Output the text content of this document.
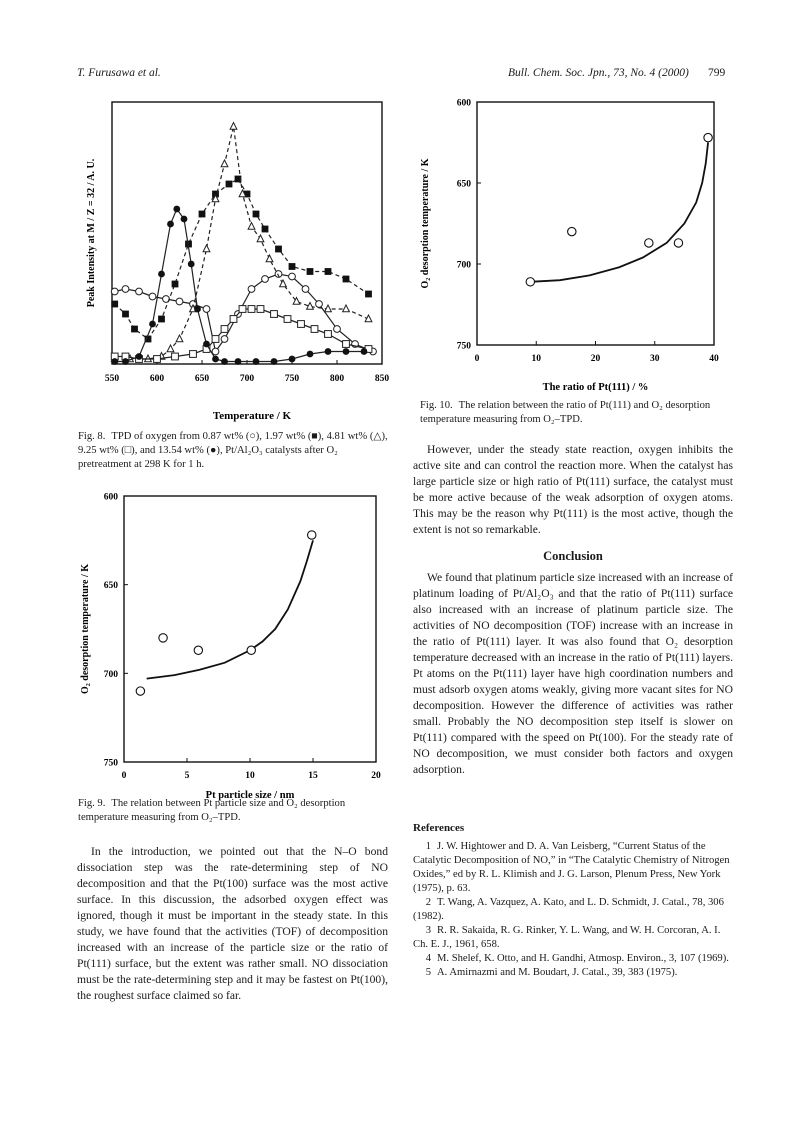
T. Furusawa et al.	Bull. Chem. Soc. Jpn., 73, No. 4 (2000) 799
550	600	650	700	750	800	850
Temperature / K
Peak Intensity at M / Z = 32 / A. U.
Fig. 8. TPD of oxygen from 0.87 wt% (○), 1.97 wt% (■), 4.81 wt% (△), 9.25 wt% (□), and 13.54 wt% (●), Pt/Al₂O₃ catalysts after O₂ pretreatment at 298 K for 1 h.
0	5	10	15	20
600
650
700
750
Pt particle size / nm
O₂ desorption temperature / K
Fig. 9. The relation between Pt particle size and O₂ desorption temperature measuring from O₂–TPD.
0	10	20	30	40
600
650
700
750
The ratio of Pt(111) / %
O₂ desorption temperature / K
Fig. 10. The relation between the ratio of Pt(111) and O₂ desorption temperature measuring from O₂–TPD.

In the introduction, we pointed out that the N–O bond dissociation step was the rate-determining step of NO decomposition and that the Pt(100) surface was the most active surface. In this discussion, the adsorbed oxygen effect was ignored, though it must be important in the steady state. In this study, we have found that the activities (TOF) of decomposition increased with an increase of the particle size or the ratio of Pt(111) surface, but the extent was rather small. NO dissociation must be the rate-determining step and it may be fastest on Pt(100), the roughest surface claimed so far.

However, under the steady state reaction, oxygen inhibits the active site and can control the reaction more. When the catalyst has large particle size or high ratio of Pt(111) surface, the catalyst must be more active because of the weak adsorption of oxygen atoms. This may be the reason why Pt(111) is the most active, though the extent is not so remarkable.

Conclusion

We found that platinum particle size increased with an increase of platinum loading of Pt/Al₂O₃ and that the ratio of Pt(111) surface also increased with an increase of platinum particle size. The activities of NO decomposition (TOF) increase with an increase in the ratio of Pt(111) layer. It was also found that O₂ desorption temperature decreased with an increase in the ratio of Pt(111) layers. Pt atoms on the Pt(111) layer have high coordination numbers and must adsorb oxygen atoms weakly, giving more vacant sites for NO decomposition. However the difference of activities was rather small. Probably the NO decomposition step itself is slower on Pt(111) compared with the speed on Pt(100). For the steady rate of NO decomposition, we must consider both factors and oxygen adsorption.

References
1 J. W. Hightower and D. A. Van Leisberg, “Current Status of the Catalytic Decomposition of NO,” in “The Catalytic Chemistry of Nitrogen Oxides,” ed by R. L. Klimish and J. G. Larson, Plenum Press, New York (1975), p. 63.
2 T. Wang, A. Vazquez, A. Kato, and L. D. Schmidt, J. Catal., 78, 306 (1982).
3 R. R. Sakaida, R. G. Rinker, Y. L. Wang, and W. H. Corcoran, A. I. Ch. E. J., 1961, 658.
4 M. Shelef, K. Otto, and H. Gandhi, Atmosp. Environ., 3, 107 (1969).
5 A. Amirnazmi and M. Boudart, J. Catal., 39, 383 (1975).
